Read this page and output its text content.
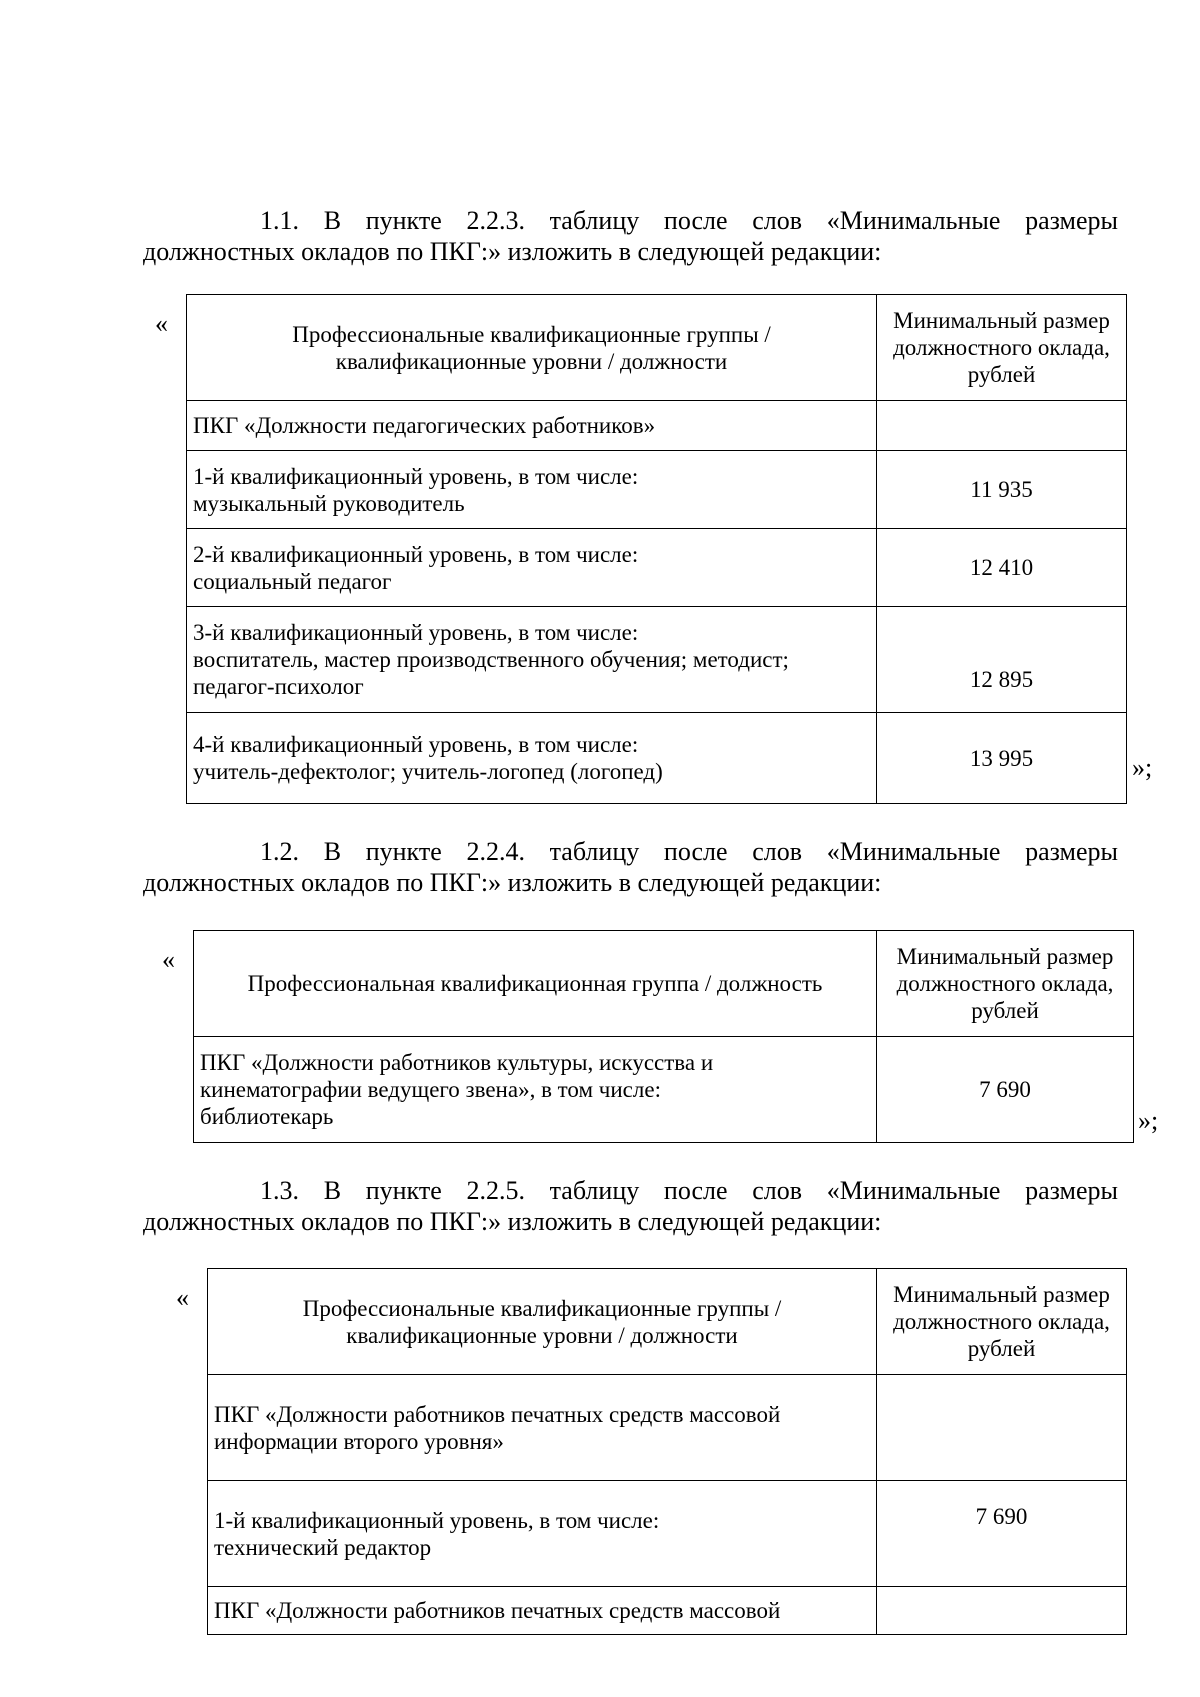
1.1. В пункте 2.2.3. таблицу после слов «Минимальные размеры
должностных окладов по ПКГ:» изложить в следующей редакции:
«	Профессиональные квалификационные группы /
квалификационные уровни / должности	Минимальный размер
должностного оклада,
рублей
ПКГ «Должности педагогических работников»	
1-й квалификационный уровень, в том числе:
музыкальный руководитель	11 935
2-й квалификационный уровень, в том числе:
социальный педагог	12 410
3-й квалификационный уровень, в том числе:
воспитатель, мастер производственного обучения; методист;
педагог-психолог	12 895
4-й квалификационный уровень, в том числе:
учитель-дефектолог; учитель-логопед (логопед)	13 995	»;
1.2. В пункте 2.2.4. таблицу после слов «Минимальные размеры
должностных окладов по ПКГ:» изложить в следующей редакции:
«
Профессиональная квалификационная группа / должность	Минимальный размер
должностного оклада,
рублей
ПКГ «Должности работников культуры, искусства и
кинематографии ведущего звена», в том числе:
библиотекарь	7 690
»;
1.3. В пункте 2.2.5. таблицу после слов «Минимальные размеры
должностных окладов по ПКГ:» изложить в следующей редакции:
«	Профессиональные квалификационные группы /
квалификационные уровни / должности	Минимальный размер
должностного оклада,
рублей
ПКГ «Должности работников печатных средств массовой
информации второго уровня»	
1-й квалификационный уровень, в том числе:
технический редактор	7 690
ПКГ «Должности работников печатных средств массовой	
